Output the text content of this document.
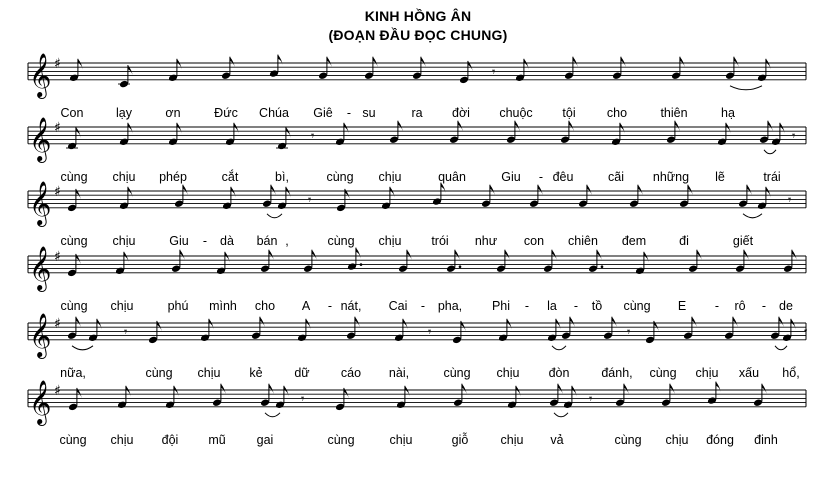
KINH HỒNG ÂN
(ĐOẠN ĐẦU ĐỌC CHUNG)
𝄞 ♯
𝄾
Con	lạy	ơn	Đức Chúa Giê - su	ra đời chuộc tội	cho	thiên	hạ
𝄞 ♯
𝄾	𝄾
cùng chịu phép	cắt	bì,	cùng chịu	quân	Giu - đêu	cãi những lẽ	trái
𝄞 ♯
𝄾	𝄾
cùng chịu	Giu - dà bán ,	cùng chịu trói như con chiên đem	đi	giết
𝄞 ♯
cùng chịu	phú mình cho A - nát, Cai - pha, Phi - la - tồ cùng E - rô - de
𝄞 ♯
𝄾	𝄾	𝄾	𝄾
nữa,	cùng chịu kẻ	dữ	cáo nài,	cùng chịu đòn	đánh, cùng chịu xấu hổ,
𝄞 ♯
𝄾	𝄾
cùng chịu đội mũ gai	cùng	chịu	giỗ	chịu vả	cùng chịu đóng đinh
